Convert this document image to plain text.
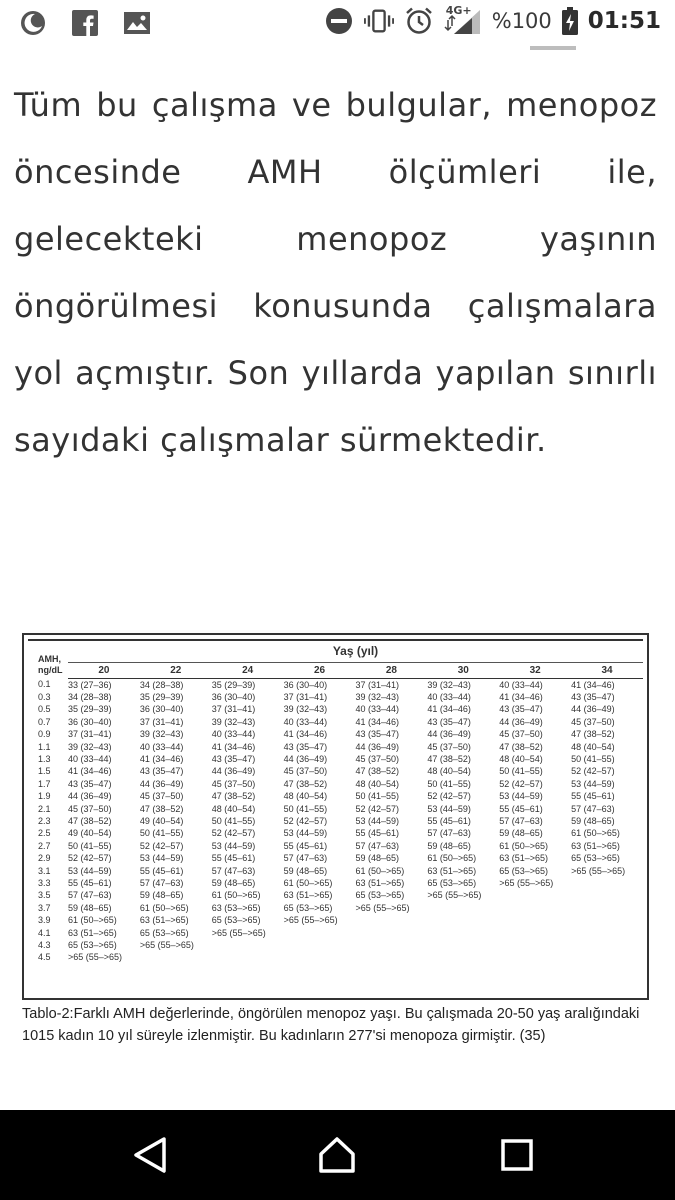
4G+ %100 01:51

Tüm bu çalışma ve bulgular, menopoz öncesinde AMH ölçümleri ile, gelecekteki menopoz yaşının öngörülmesi konusunda çalışmalara yol açmıştır. Son yıllarda yapılan sınırlı sayıdaki çalışmalar sürmektedir.

AMH,
ng/dL	Yaş (yıl)							
	20	22	24	26	28	30	32	34
0.1	33 (27–36)	34 (28–38)	35 (29–39)	36 (30–40)	37 (31–41)	39 (32–43)	40 (33–44)	41 (34–46)
0.3	34 (28–38)	35 (29–39)	36 (30–40)	37 (31–41)	39 (32–43)	40 (33–44)	41 (34–46)	43 (35–47)
0.5	35 (29–39)	36 (30–40)	37 (31–41)	39 (32–43)	40 (33–44)	41 (34–46)	43 (35–47)	44 (36–49)
0.7	36 (30–40)	37 (31–41)	39 (32–43)	40 (33–44)	41 (34–46)	43 (35–47)	44 (36–49)	45 (37–50)
0.9	37 (31–41)	39 (32–43)	40 (33–44)	41 (34–46)	43 (35–47)	44 (36–49)	45 (37–50)	47 (38–52)
1.1	39 (32–43)	40 (33–44)	41 (34–46)	43 (35–47)	44 (36–49)	45 (37–50)	47 (38–52)	48 (40–54)
1.3	40 (33–44)	41 (34–46)	43 (35–47)	44 (36–49)	45 (37–50)	47 (38–52)	48 (40–54)	50 (41–55)
1.5	41 (34–46)	43 (35–47)	44 (36–49)	45 (37–50)	47 (38–52)	48 (40–54)	50 (41–55)	52 (42–57)
1.7	43 (35–47)	44 (36–49)	45 (37–50)	47 (38–52)	48 (40–54)	50 (41–55)	52 (42–57)	53 (44–59)
1.9	44 (36–49)	45 (37–50)	47 (38–52)	48 (40–54)	50 (41–55)	52 (42–57)	53 (44–59)	55 (45–61)
2.1	45 (37–50)	47 (38–52)	48 (40–54)	50 (41–55)	52 (42–57)	53 (44–59)	55 (45–61)	57 (47–63)
2.3	47 (38–52)	49 (40–54)	50 (41–55)	52 (42–57)	53 (44–59)	55 (45–61)	57 (47–63)	59 (48–65)
2.5	49 (40–54)	50 (41–55)	52 (42–57)	53 (44–59)	55 (45–61)	57 (47–63)	59 (48–65)	61 (50–>65)
2.7	50 (41–55)	52 (42–57)	53 (44–59)	55 (45–61)	57 (47–63)	59 (48–65)	61 (50–>65)	63 (51–>65)
2.9	52 (42–57)	53 (44–59)	55 (45–61)	57 (47–63)	59 (48–65)	61 (50–>65)	63 (51–>65)	65 (53–>65)
3.1	53 (44–59)	55 (45–61)	57 (47–63)	59 (48–65)	61 (50–>65)	63 (51–>65)	65 (53–>65)	>65 (55–>65)
3.3	55 (45–61)	57 (47–63)	59 (48–65)	61 (50–>65)	63 (51–>65)	65 (53–>65)	>65 (55–>65)	
3.5	57 (47–63)	59 (48–65)	61 (50–>65)	63 (51–>65)	65 (53–>65)	>65 (55–>65)		
3.7	59 (48–65)	61 (50–>65)	63 (53–>65)	65 (53–>65)	>65 (55–>65)			
3.9	61 (50–>65)	63 (51–>65)	65 (53–>65)	>65 (55–>65)				
4.1	63 (51–>65)	65 (53–>65)	>65 (55–>65)					
4.3	65 (53–>65)	>65 (55–>65)						
4.5	>65 (55–>65)							

Tablo-2:Farklı AMH değerlerinde, öngörülen menopoz yaşı. Bu çalışmada 20-50 yaş aralığındaki 1015 kadın 10 yıl süreyle izlenmiştir. Bu kadınların 277'si menopoza girmiştir. (35)
